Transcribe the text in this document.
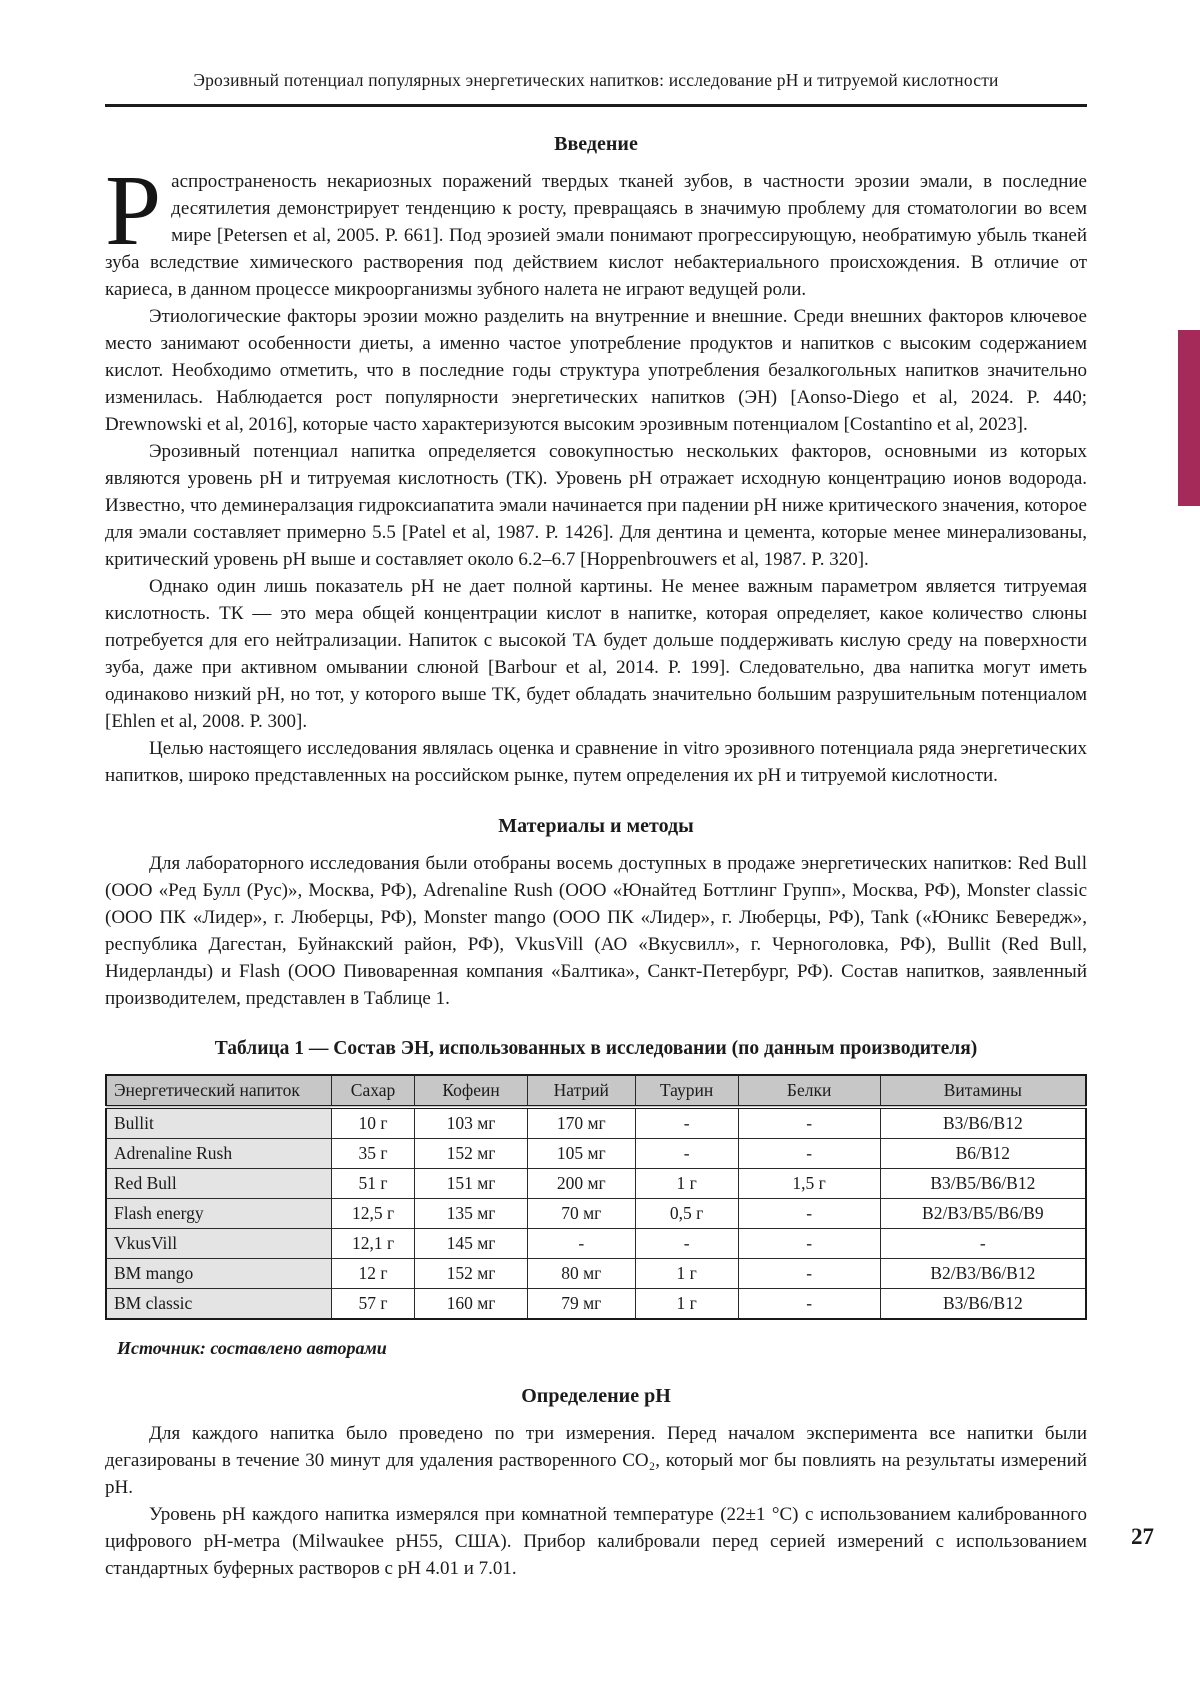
Эрозивный потенциал популярных энергетических напитков: исследование pH и титруемой кислотности
Введение

Распространеность некариозных поражений твердых тканей зубов, в частности эрозии эмали, в последние десятилетия демонстрирует тенденцию к росту, превращаясь в значимую проблему для стоматологии во всем мире [Petersen et al, 2005. P. 661]. Под эрозией эмали понимают прогрессирующую, необратимую убыль тканей зуба вследствие химического растворения под действием кислот небактериального происхождения. В отличие от кариеса, в данном процессе микроорганизмы зубного налета не играют ведущей роли.

Этиологические факторы эрозии можно разделить на внутренние и внешние. Среди внешних факторов ключевое место занимают особенности диеты, а именно частое употребление продуктов и напитков с высоким содержанием кислот. Необходимо отметить, что в последние годы структура употребления безалкогольных напитков значительно изменилась. Наблюдается рост популярности энергетических напитков (ЭН) [Aonso-Diego et al, 2024. P. 440; Drewnowski et al, 2016], которые часто характеризуются высоким эрозивным потенциалом [Costantino et al, 2023].

Эрозивный потенциал напитка определяется совокупностью нескольких факторов, основными из которых являются уровень pH и титруемая кислотность (ТК). Уровень pH отражает исходную концентрацию ионов водорода. Известно, что деминералзация гидроксиапатита эмали начинается при падении pH ниже критического значения, которое для эмали составляет примерно 5.5 [Patel et al, 1987. P. 1426]. Для дентина и цемента, которые менее минерализованы, критический уровень pH выше и составляет около 6.2–6.7 [Hoppenbrouwers et al, 1987. P. 320].

Однако один лишь показатель pH не дает полной картины. Не менее важным параметром является титруемая кислотность. ТК — это мера общей концентрации кислот в напитке, которая определяет, какое количество слюны потребуется для его нейтрализации. Напиток с высокой ТА будет дольше поддерживать кислую среду на поверхности зуба, даже при активном омывании слюной [Barbour et al, 2014. P. 199]. Следовательно, два напитка могут иметь одинаково низкий pH, но тот, у которого выше ТК, будет обладать значительно большим разрушительным потенциалом [Ehlen et al, 2008. P. 300].

Целью настоящего исследования являлась оценка и сравнение in vitro эрозивного потенциала ряда энергетических напитков, широко представленных на российском рынке, путем определения их pH и титруемой кислотности.

Материалы и методы

Для лабораторного исследования были отобраны восемь доступных в продаже энергетических напитков: Red Bull (ООО «Ред Булл (Рус)», Москва, РФ), Adrenaline Rush (ООО «Юнайтед Боттлинг Групп», Москва, РФ), Monster classic (ООО ПК «Лидер», г. Люберцы, РФ), Monster mango (ООО ПК «Лидер», г. Люберцы, РФ), Tank («Юникс Бевередж», республика Дагестан, Буйнакский район, РФ), VkusVill (АО «Вкусвилл», г. Черноголовка, РФ), Bullit (Red Bull, Нидерланды) и Flash (ООО Пивоваренная компания «Балтика», Санкт-Петербург, РФ). Состав напитков, заявленный производителем, представлен в Таблице 1.

Таблица 1 — Состав ЭН, использованных в исследовании (по данным производителя)

Энергетический напиток	Сахар	Кофеин	Натрий	Таурин	Белки	Витамины
Bullit	10 г	103 мг	170 мг	-	-	В3/В6/В12
Adrenaline Rush	35 г	152 мг	105 мг	-	-	В6/В12
Red Bull	51 г	151 мг	200 мг	1 г	1,5 г	В3/В5/В6/В12
Flash energy	12,5 г	135 мг	70 мг	0,5 г	-	В2/В3/В5/В6/В9
VkusVill	12,1 г	145 мг	-	-	-	-
BM mango	12 г	152 мг	80 мг	1 г	-	В2/В3/В6/В12
BM classic	57 г	160 мг	79 мг	1 г	-	В3/В6/В12

Источник: составлено авторами

Определение pH

Для каждого напитка было проведено по три измерения. Перед началом эксперимента все напитки были дегазированы в течение 30 минут для удаления растворенного CO₂, который мог бы повлиять на результаты измерений pH.

Уровень pH каждого напитка измерялся при комнатной температуре (22±1 °C) с использованием калиброванного цифрового pH-метра (Milwaukee pH55, США). Прибор калибровали перед серией измерений с использованием стандартных буферных растворов с pH 4.01 и 7.01.

27
